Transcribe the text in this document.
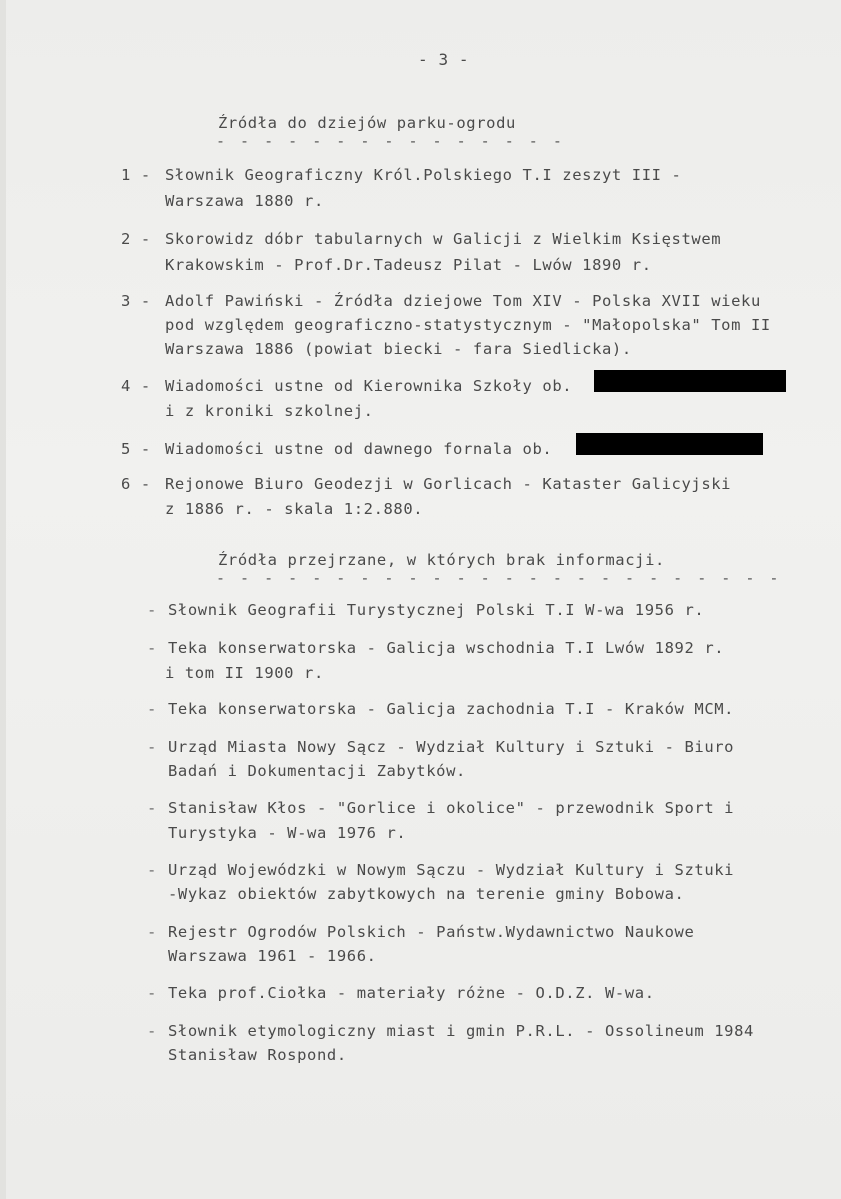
- 3 -
Źródła do dziejów parku-ogrodu
- - - - - - - - - - - - - - -
1 - Słownik Geograficzny Król.Polskiego T.I zeszyt III -
Warszawa 1880 r.
2 - Skorowidz dóbr tabularnych w Galicji z Wielkim Księstwem
Krakowskim - Prof.Dr.Tadeusz Pilat - Lwów 1890 r.
3 - Adolf Pawiński - Źródła dziejowe Tom XIV - Polska XVII wieku
pod względem geograficzno-statystycznym - "Małopolska" Tom II
Warszawa 1886 (powiat biecki - fara Siedlicka).
4 - Wiadomości ustne od Kierownika Szkoły ob.
i z kroniki szkolnej.
5 - Wiadomości ustne od dawnego fornala ob.
6 - Rejonowe Biuro Geodezji w Gorlicach - Kataster Galicyjski
z 1886 r. - skala 1:2.880.
Źródła przejrzane, w których brak informacji.
- - - - - - - - - - - - - - - - - - - - - - - -
- Słownik Geografii Turystycznej Polski T.I W-wa 1956 r.
- Teka konserwatorska - Galicja wschodnia T.I Lwów 1892 r.
i tom II 1900 r.
- Teka konserwatorska - Galicja zachodnia T.I - Kraków MCM.
- Urząd Miasta Nowy Sącz - Wydział Kultury i Sztuki - Biuro
Badań i Dokumentacji Zabytków.
- Stanisław Kłos - "Gorlice i okolice" - przewodnik Sport i
Turystyka - W-wa 1976 r.
- Urząd Wojewódzki w Nowym Sączu - Wydział Kultury i Sztuki
-Wykaz obiektów zabytkowych na terenie gminy Bobowa.
- Rejestr Ogrodów Polskich - Państw.Wydawnictwo Naukowe
Warszawa 1961 - 1966.
- Teka prof.Ciołka - materiały różne - O.D.Z. W-wa.
- Słownik etymologiczny miast i gmin P.R.L. - Ossolineum 1984
Stanisław Rospond.
